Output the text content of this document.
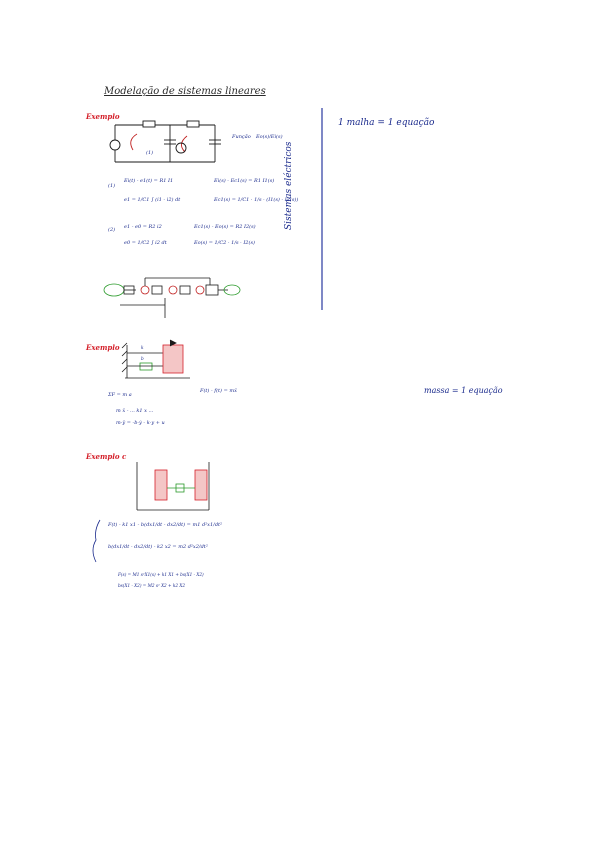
Modelação de sistemas lineares
Exemplo
Função Eo(s)/Ei(s)
(1)
(1)
(2)
Ei(t) - e1(t) = R1 I1	Ei(s) - Ec1(s) = R1 I1(s)
e1 = 1/C1 ∫ (i1 - i2) dt	Ec1(s) = 1/C1 · 1/s · (I1(s) - I2(s))
e1 - e0 = R2 i2	Ec1(s) - Eo(s) = R2 I2(s)
e0 = 1/C2 ∫ i2 dt	Eo(s) = 1/C2 · 1/s · I2(s)
1 malha = 1 equação
Sistemas eléctricos
Exemplo
F(t) - f(t) = mẍ	massa = 1 equação
ΣF = m a
m ẍ - ... k1 x ...
m·ÿ = -b·ẏ - k·y + u
b
k
Exemplo c
F(t) - k1 x1 - b(dx1/dt - dx2/dt) = m1 d²x1/dt²
b(dx1/dt - dx2/dt) - k2 x2 = m2 d²x2/dt²
F(s) = M1 s²X1(s) + k1 X1 + bs(X1 - X2)
bs(X1 - X2) = M2 s² X2 + k2 X2
